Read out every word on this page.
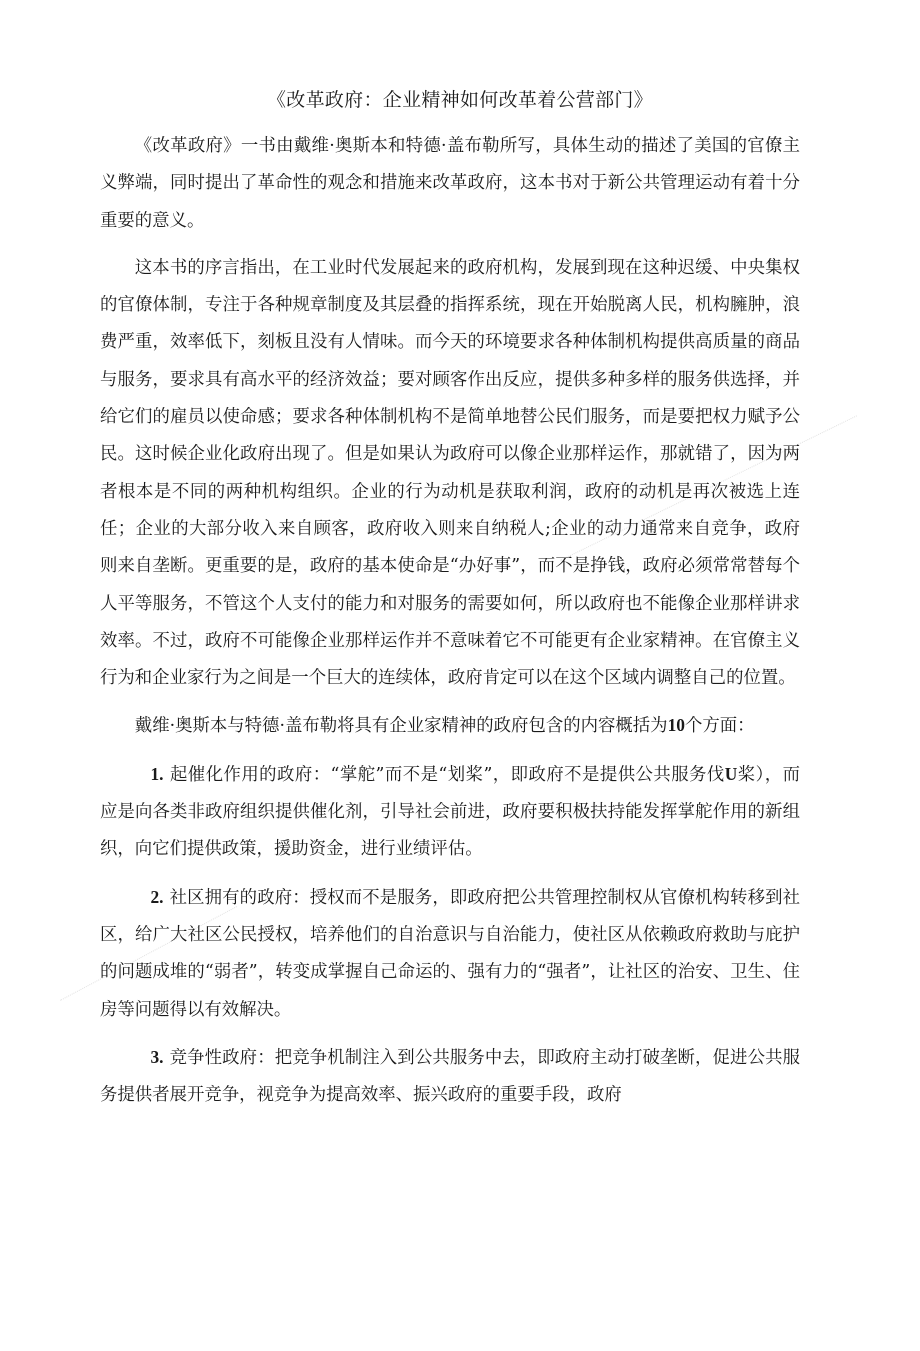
《改革政府：企业精神如何改革着公营部门》

《改革政府》一书由戴维·奥斯本和特德·盖布勒所写，具体生动的描述了美国的官僚主义弊端，同时提出了革命性的观念和措施来改革政府，这本书对于新公共管理运动有着十分重要的意义。

这本书的序言指出，在工业时代发展起来的政府机构，发展到现在这种迟缓、中央集权的官僚体制，专注于各种规章制度及其层叠的指挥系统，现在开始脱离人民，机构臃肿，浪费严重，效率低下，刻板且没有人情味。而今天的环境要求各种体制机构提供高质量的商品与服务，要求具有高水平的经济效益；要对顾客作出反应，提供多种多样的服务供选择，并给它们的雇员以使命感；要求各种体制机构不是简单地替公民们服务，而是要把权力赋予公民。这时候企业化政府出现了。但是如果认为政府可以像企业那样运作，那就错了，因为两者根本是不同的两种机构组织。企业的行为动机是获取利润，政府的动机是再次被选上连任；企业的大部分收入来自顾客，政府收入则来自纳税人;企业的动力通常来自竞争，政府则来自垄断。更重要的是，政府的基本使命是“办好事”，而不是挣钱，政府必须常常替每个人平等服务，不管这个人支付的能力和对服务的需要如何，所以政府也不能像企业那样讲求效率。不过，政府不可能像企业那样运作并不意味着它不可能更有企业家精神。在官僚主义行为和企业家行为之间是一个巨大的连续体，政府肯定可以在这个区域内调整自己的位置。

戴维·奥斯本与特德·盖布勒将具有企业家精神的政府包含的内容概括为10个方面：

1. 起催化作用的政府：“掌舵”而不是“划桨”，即政府不是提供公共服务伐U桨），而应是向各类非政府组织提供催化剂，引导社会前进，政府要积极扶持能发挥掌舵作用的新组织，向它们提供政策，援助资金，进行业绩评估。

2. 社区拥有的政府：授权而不是服务，即政府把公共管理控制权从官僚机构转移到社区，给广大社区公民授权，培养他们的自治意识与自治能力，使社区从依赖政府救助与庇护的问题成堆的“弱者”，转变成掌握自己命运的、强有力的“强者”，让社区的治安、卫生、住房等问题得以有效解决。

3. 竞争性政府：把竞争机制注入到公共服务中去，即政府主动打破垄断，促进公共服务提供者展开竞争，视竞争为提高效率、振兴政府的重要手段，政府
